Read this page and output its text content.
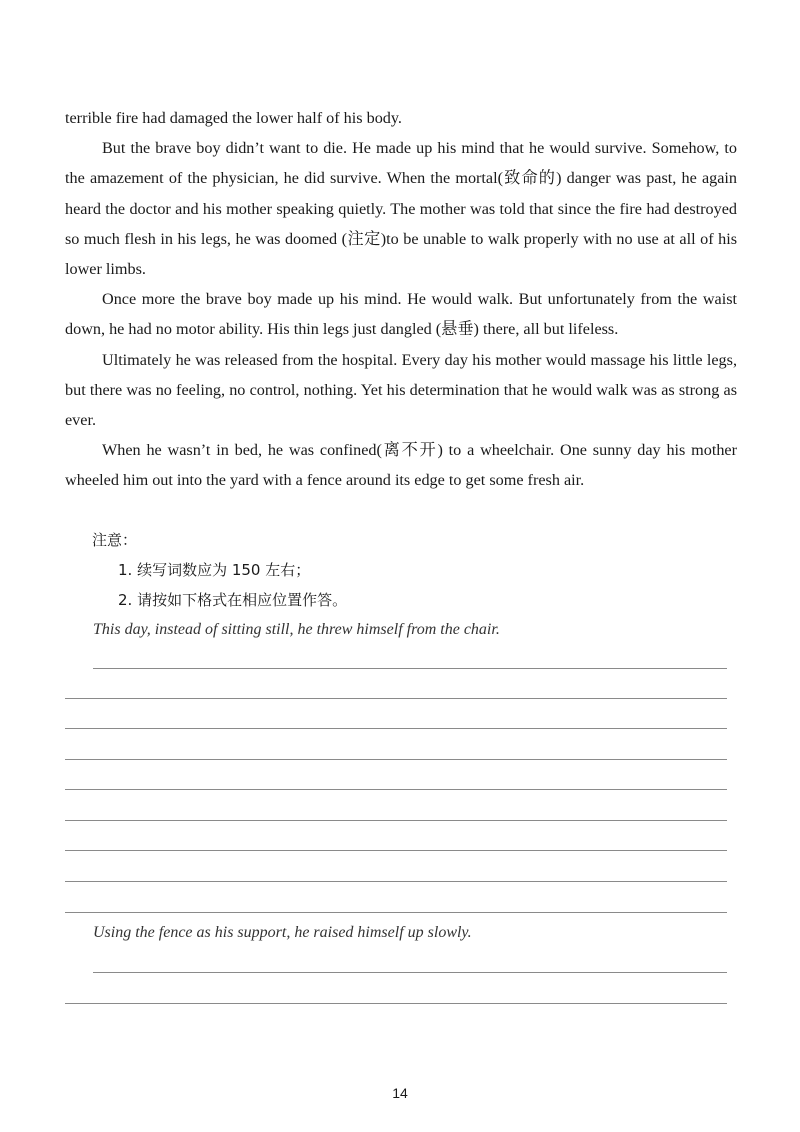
terrible fire had damaged the lower half of his body.

But the brave boy didn’t want to die. He made up his mind that he would survive. Somehow, to the amazement of the physician, he did survive. When the mortal(致命的) danger was past, he again heard the doctor and his mother speaking quietly. The mother was told that since the fire had destroyed so much flesh in his legs, he was doomed (注定)to be unable to walk properly with no use at all of his lower limbs.

Once more the brave boy made up his mind. He would walk. But unfortunately from the waist down, he had no motor ability. His thin legs just dangled (悬垂) there, all but lifeless.

Ultimately he was released from the hospital. Every day his mother would massage his little legs, but there was no feeling, no control, nothing. Yet his determination that he would walk was as strong as ever.

When he wasn’t in bed, he was confined(离不开) to a wheelchair. One sunny day his mother wheeled him out into the yard with a fence around its edge to get some fresh air.

注意：
1. 续写词数应为 150 左右；
2. 请按如下格式在相应位置作答。
This day, instead of sitting still, he threw himself from the chair.
Using the fence as his support, he raised himself up slowly.
14
